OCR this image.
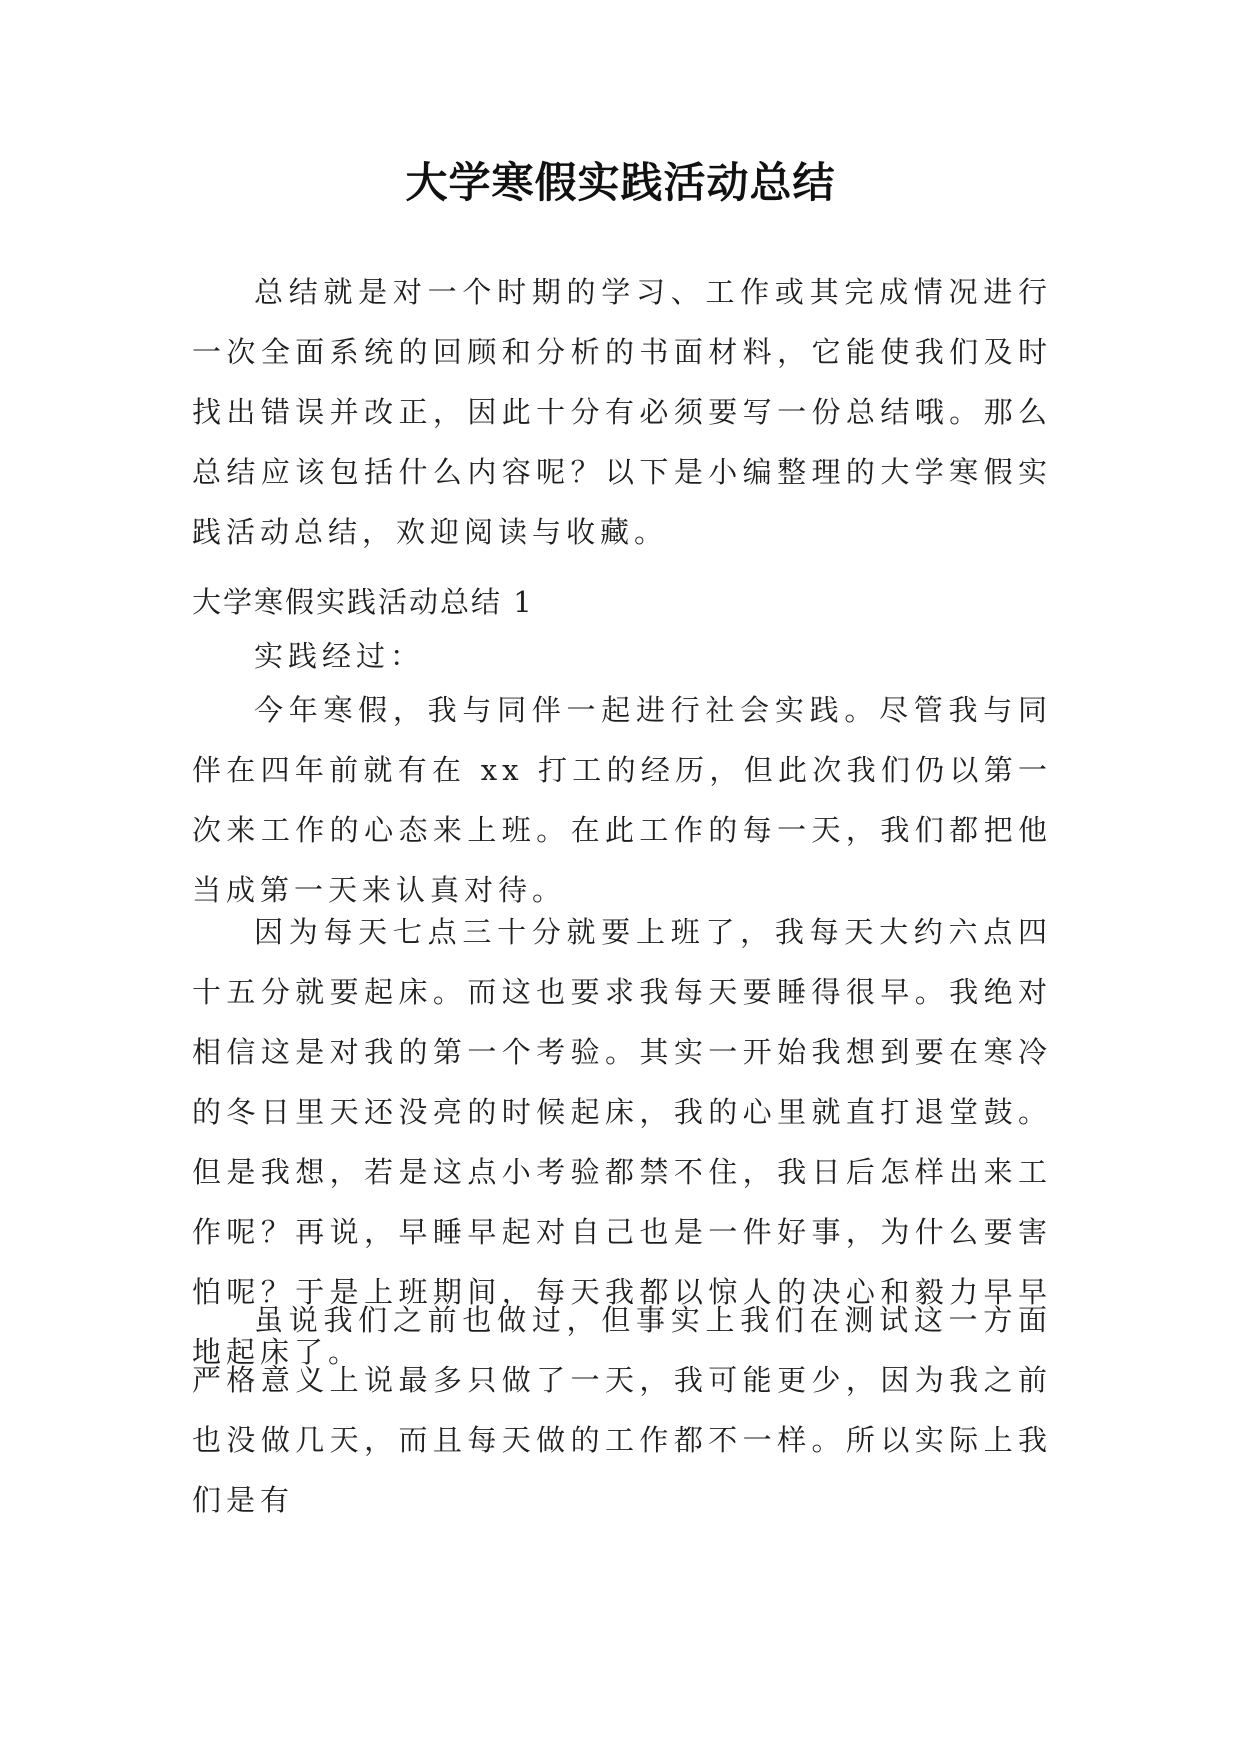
大学寒假实践活动总结

总结就是对一个时期的学习、工作或其完成情况进行一次全面系统的回顾和分析的书面材料，它能使我们及时找出错误并改正，因此十分有必须要写一份总结哦。那么总结应该包括什么内容呢？以下是小编整理的大学寒假实践活动总结，欢迎阅读与收藏。

大学寒假实践活动总结 1

实践经过：

今年寒假，我与同伴一起进行社会实践。尽管我与同伴在四年前就有在 xx 打工的经历，但此次我们仍以第一次来工作的心态来上班。在此工作的每一天，我们都把他当成第一天来认真对待。

因为每天七点三十分就要上班了，我每天大约六点四十五分就要起床。而这也要求我每天要睡得很早。我绝对相信这是对我的第一个考验。其实一开始我想到要在寒冷的冬日里天还没亮的时候起床，我的心里就直打退堂鼓。但是我想，若是这点小考验都禁不住，我日后怎样出来工作呢？再说，早睡早起对自己也是一件好事，为什么要害怕呢？于是上班期间，每天我都以惊人的决心和毅力早早地起床了。

虽说我们之前也做过，但事实上我们在测试这一方面严格意义上说最多只做了一天，我可能更少，因为我之前也没做几天，而且每天做的工作都不一样。所以实际上我们是有
